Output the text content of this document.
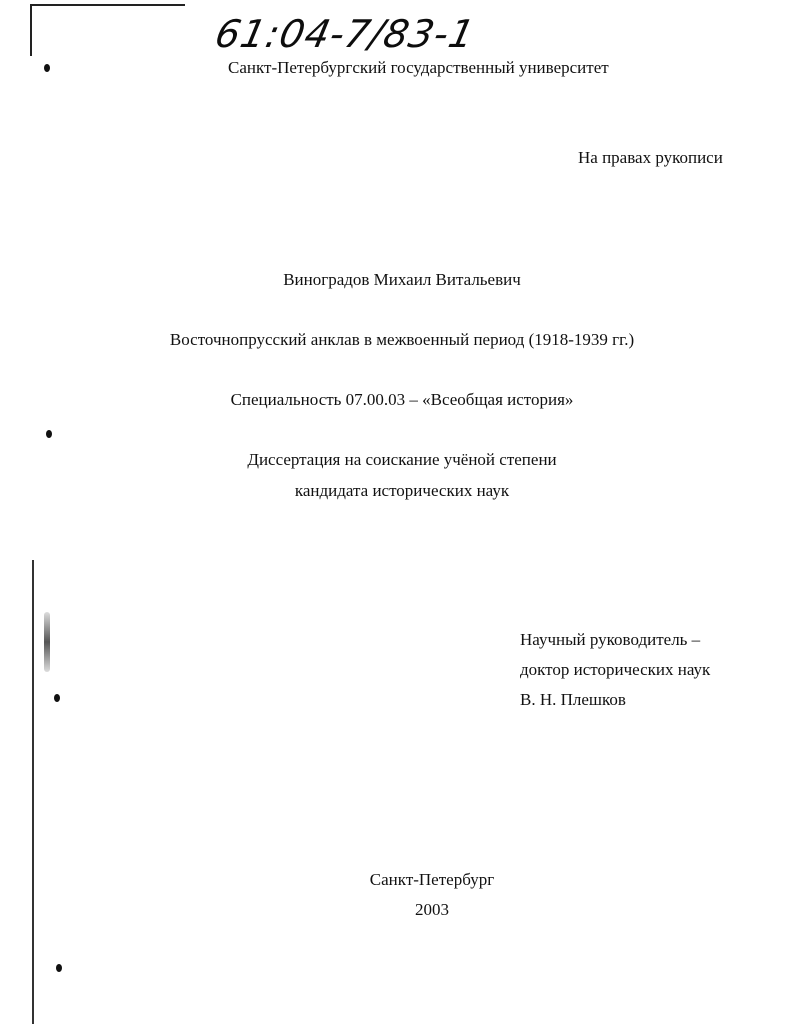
61:04-7/83-1
Санкт-Петербургский государственный университет
На правах рукописи
Виноградов Михаил Витальевич
Восточнопрусский анклав в межвоенный период (1918-1939 гг.)
Специальность 07.00.03 – «Всеобщая история»
Диссертация на соискание учёной степени
кандидата исторических наук
Научный руководитель –
доктор исторических наук
В. Н. Плешков
Санкт-Петербург
2003
